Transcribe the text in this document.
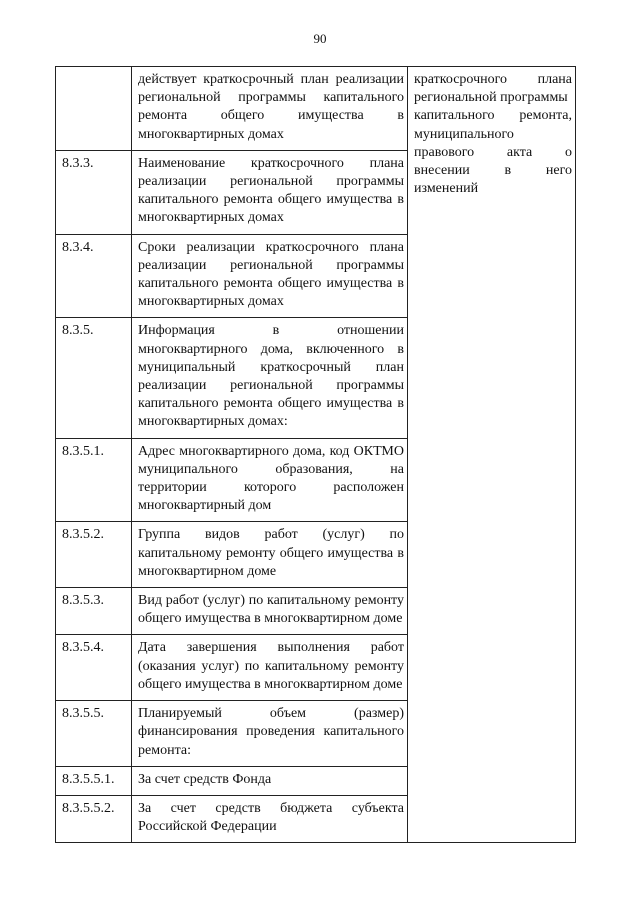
90
	действует краткосрочный план реализации региональной программы капитального ремонта общего имущества в многоквартирных домах	краткосрочного плана региональной программы
капитального ремонта, муниципального правового акта о внесении в него изменений

8.3.3.	Наименование краткосрочного плана реализации региональной программы капитального ремонта общего имущества в многоквартирных домах	
8.3.4.	Сроки реализации краткосрочного плана реализации региональной программы капитального ремонта общего имущества в многоквартирных домах	
8.3.5.	Информация в отношении многоквартирного дома, включенного в муниципальный краткосрочный план реализации региональной программы капитального ремонта общего имущества в многоквартирных домах:	
8.3.5.1.	Адрес многоквартирного дома, код ОКТМО муниципального образования, на территории которого расположен многоквартирный дом	
8.3.5.2.	Группа видов работ (услуг) по капитальному ремонту общего имущества в многоквартирном доме	
8.3.5.3.	Вид работ (услуг) по капитальному ремонту общего имущества в многоквартирном доме	
8.3.5.4.	Дата завершения выполнения работ (оказания услуг) по капитальному ремонту общего имущества в многоквартирном доме	
8.3.5.5.	Планируемый объем (размер) финансирования проведения капитального ремонта:	
8.3.5.5.1.	За счет средств Фонда	
8.3.5.5.2.	За счет средств бюджета субъекта Российской Федерации	
